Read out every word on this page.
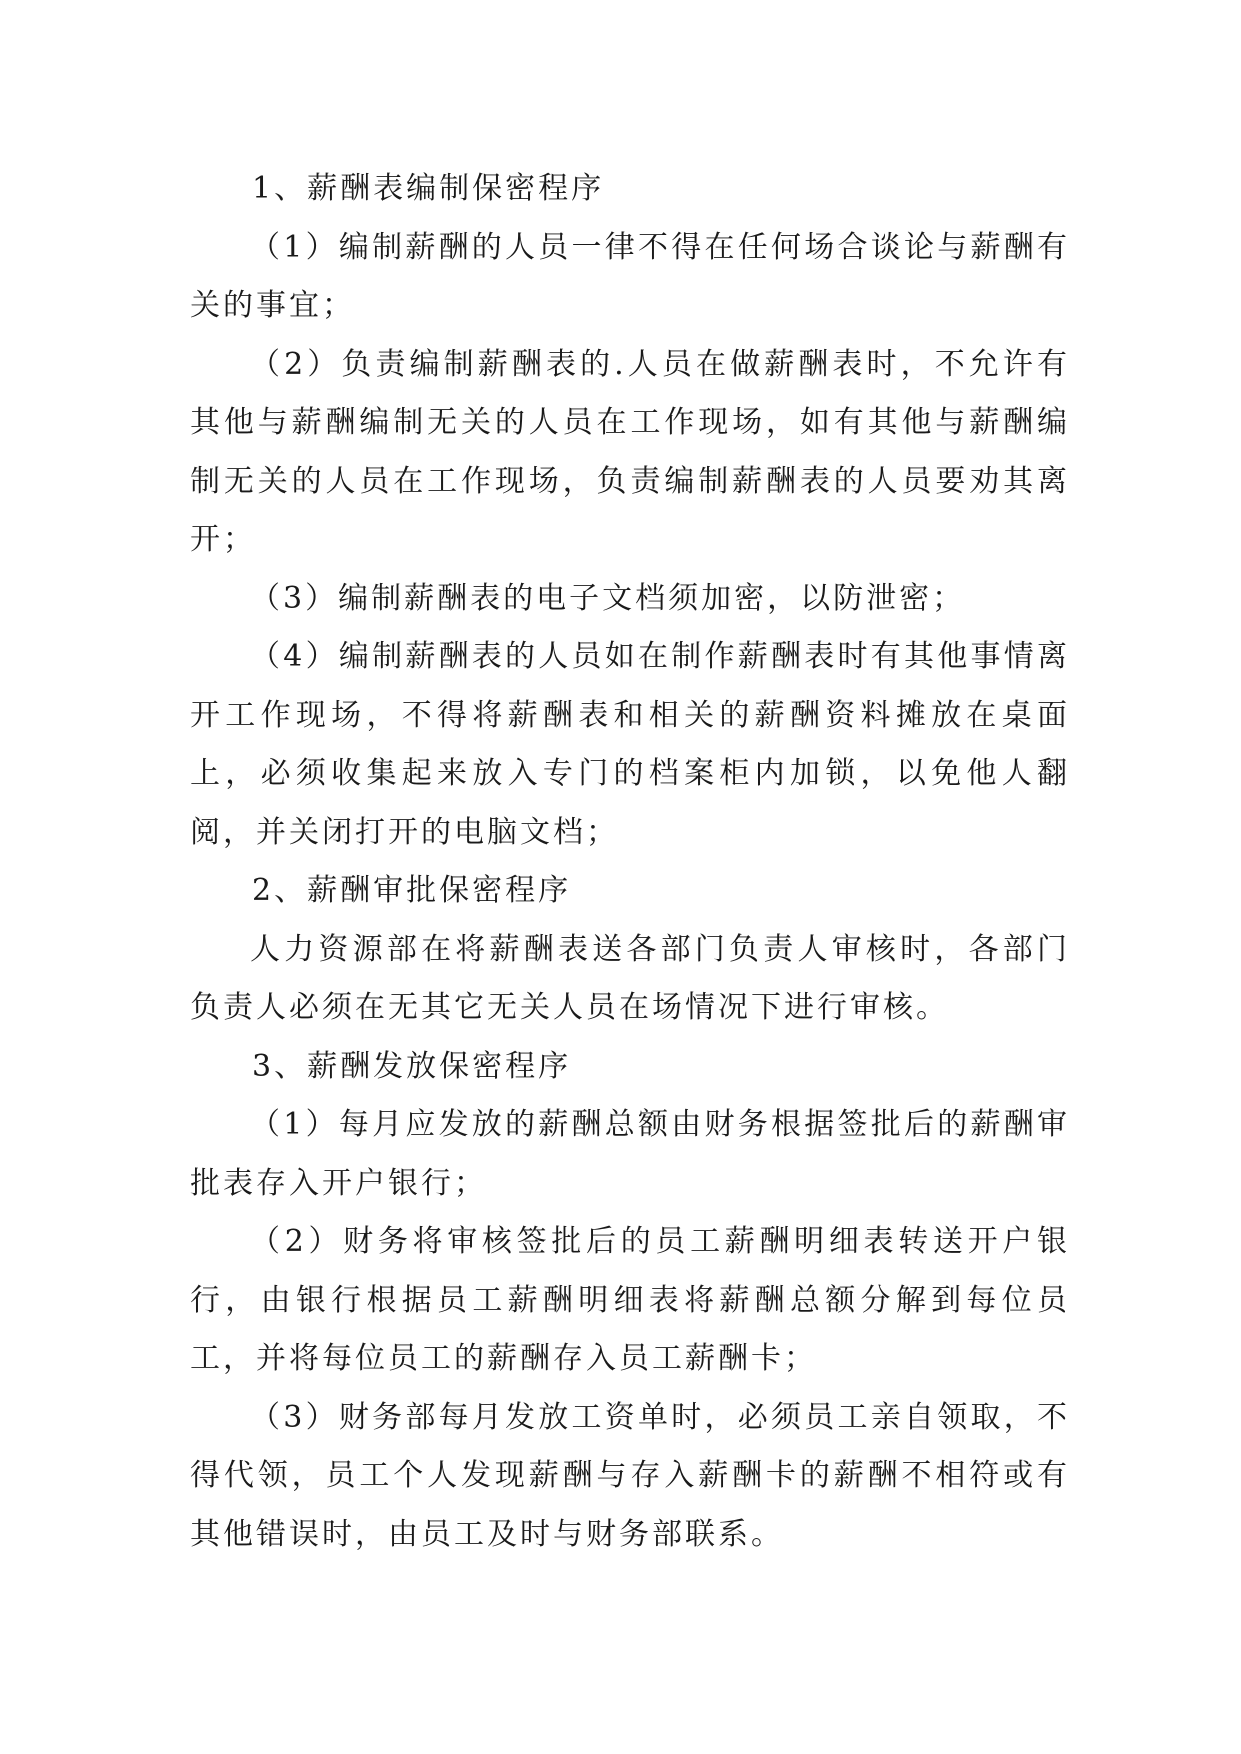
1、薪酬表编制保密程序

（1）编制薪酬的人员一律不得在任何场合谈论与薪酬有关的事宜；

（2）负责编制薪酬表的.人员在做薪酬表时，不允许有其他与薪酬编制无关的人员在工作现场，如有其他与薪酬编制无关的人员在工作现场，负责编制薪酬表的人员要劝其离开；

（3）编制薪酬表的电子文档须加密，以防泄密；

（4）编制薪酬表的人员如在制作薪酬表时有其他事情离开工作现场，不得将薪酬表和相关的薪酬资料摊放在桌面上，必须收集起来放入专门的档案柜内加锁，以免他人翻阅，并关闭打开的电脑文档；

2、薪酬审批保密程序

人力资源部在将薪酬表送各部门负责人审核时，各部门负责人必须在无其它无关人员在场情况下进行审核。

3、薪酬发放保密程序

（1）每月应发放的薪酬总额由财务根据签批后的薪酬审批表存入开户银行；

（2）财务将审核签批后的员工薪酬明细表转送开户银行，由银行根据员工薪酬明细表将薪酬总额分解到每位员工，并将每位员工的薪酬存入员工薪酬卡；

（3）财务部每月发放工资单时，必须员工亲自领取，不得代领，员工个人发现薪酬与存入薪酬卡的薪酬不相符或有其他错误时，由员工及时与财务部联系。
